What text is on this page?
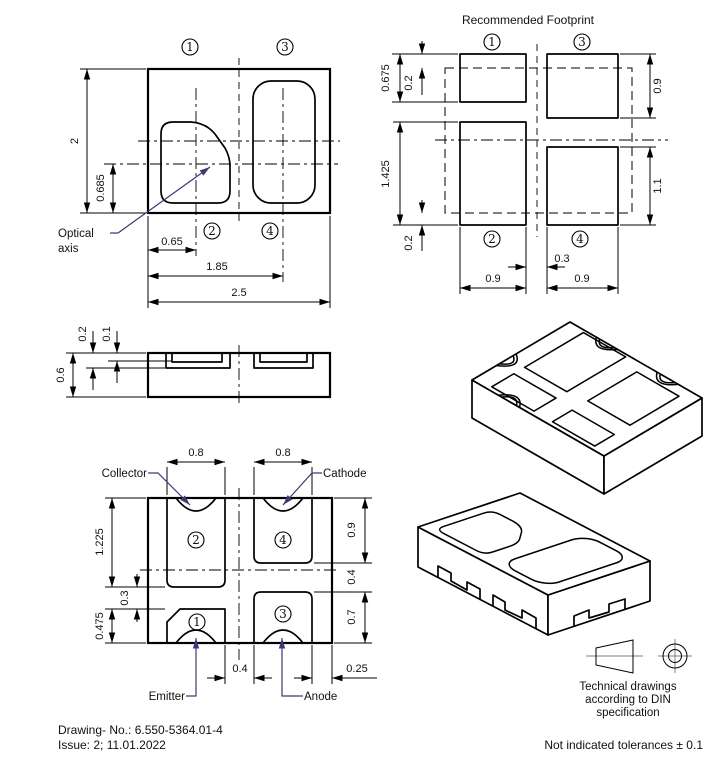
2
0.685
0.65
1.85
2.5
1	3
2	4
Optical
axis
Recommended Footprint
0.675 0.2
1.425
0.2
0.9
1.1
0.3
0.9	0.9
1	3
2	4
0.6
0.2 0.1
0.8	0.8
1.225
0.3
0.475
0.9
0.4
0.7
0.4	0.25
2	4
1
3
Collector	Cathode
Emitter	Anode
Technical drawings
according to DIN
specification
Drawing- No.: 6.550-5364.01-4
Issue: 2; 11.01.2022	Not indicated tolerances ± 0.1
